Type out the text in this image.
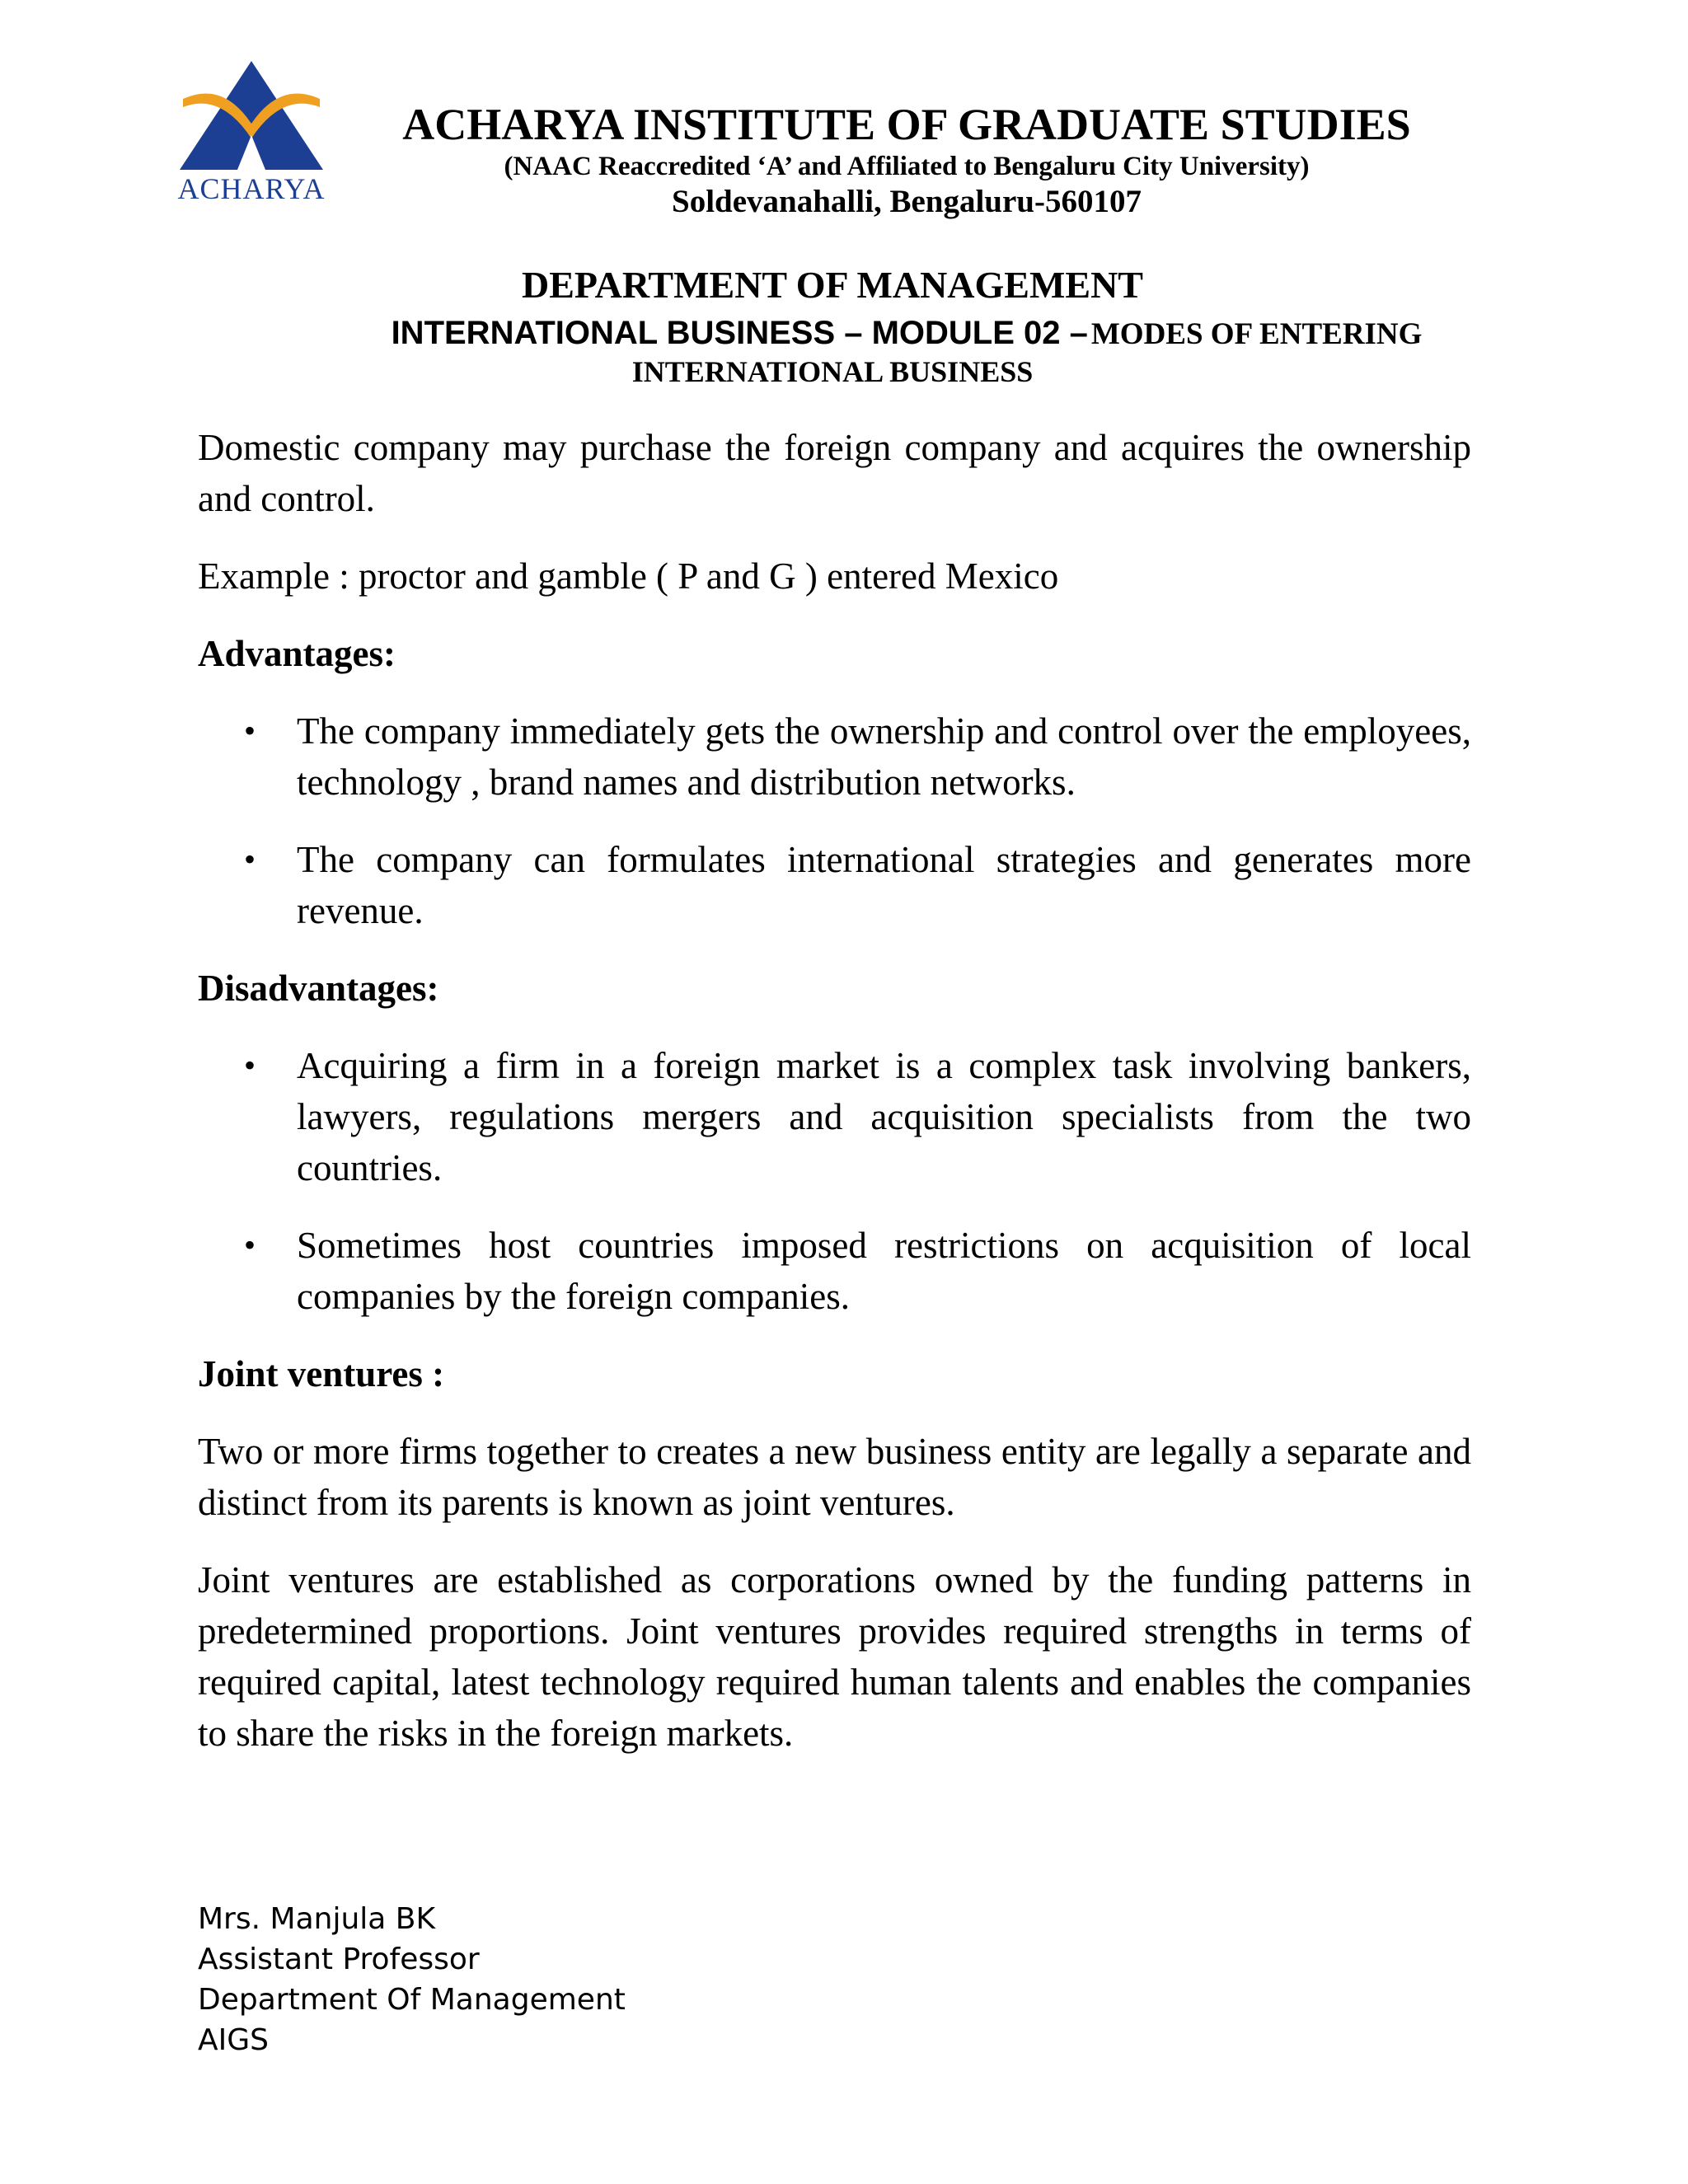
ACHARYA
ACHARYA INSTITUTE OF GRADUATE STUDIES
(NAAC Reaccredited ‘A’ and Affiliated to Bengaluru City University)
Soldevanahalli, Bengaluru-560107
DEPARTMENT OF MANAGEMENT
INTERNATIONAL BUSINESS – MODULE 02 – MODES OF ENTERING
INTERNATIONAL BUSINESS

Domestic company may purchase the foreign company and acquires the ownership and control.

Example : proctor and gamble ( P and G ) entered Mexico

Advantages:
• The company immediately gets the ownership and control over the employees, technology , brand names and distribution networks.
• The company can formulates international strategies and generates more revenue.
Disadvantages:
• Acquiring a firm in a foreign market is a complex task involving bankers, lawyers, regulations mergers and acquisition specialists from the two countries.
• Sometimes host countries imposed restrictions on acquisition of local companies by the foreign companies.
Joint ventures :

Two or more firms together to creates a new business entity are legally a separate and distinct from its parents is known as joint ventures.

Joint ventures are established as corporations owned by the funding patterns in predetermined proportions. Joint ventures provides required strengths in terms of required capital, latest technology required human talents and enables the companies to share the risks in the foreign markets.

Mrs. Manjula BK
Assistant Professor
Department Of Management
AIGS
